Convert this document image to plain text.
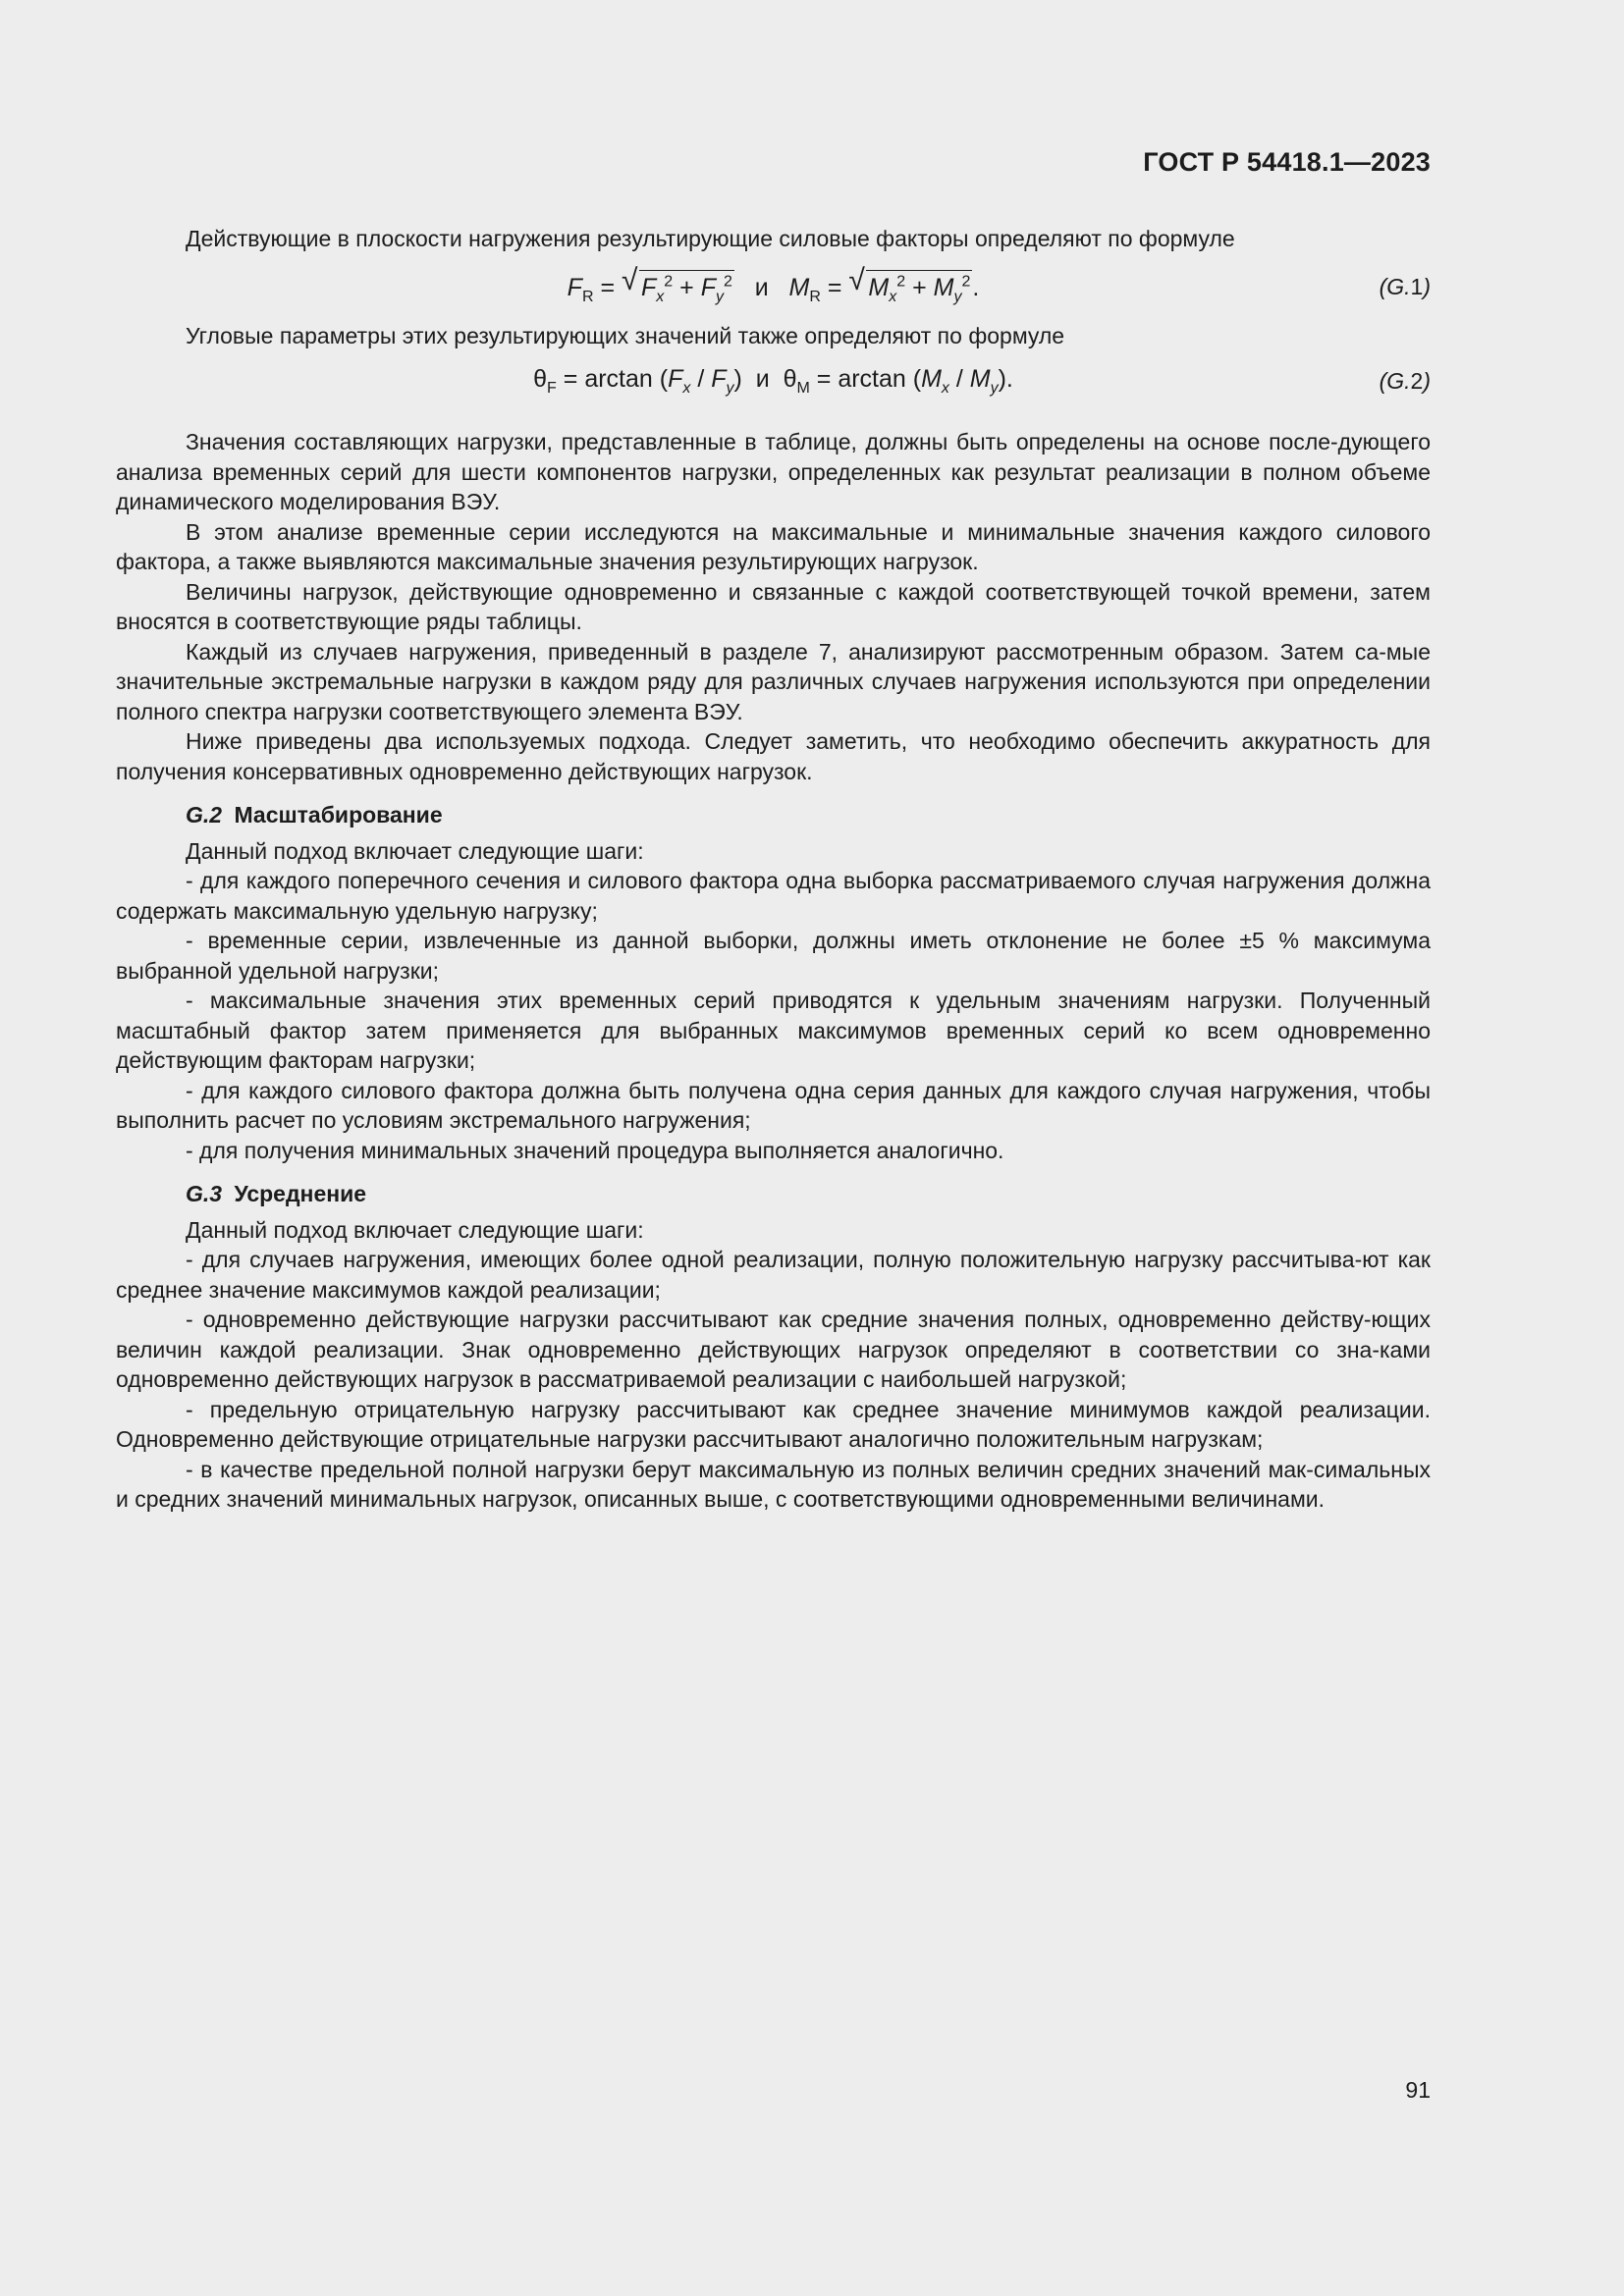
ГОСТ Р 54418.1—2023

Действующие в плоскости нагружения результирующие силовые факторы определяют по формуле

$F_R$ = √ $F_x^2 + F_y^2$ и $M_R$ = √ $M_x^2 + M_y^2$.	(G.1)

Угловые параметры этих результирующих значений также определяют по формуле

$\theta_F = \arctan (F_x / F_y)$  и  $\theta_M = \arctan (M_x / M_y)$.	(G.2)

Значения составляющих нагрузки, представленные в таблице, должны быть определены на основе после-дующего анализа временных серий для шести компонентов нагрузки, определенных как результат реализации в полном объеме динамического моделирования ВЭУ.

В этом анализе временные серии исследуются на максимальные и минимальные значения каждого силового фактора, а также выявляются максимальные значения результирующих нагрузок.

Величины нагрузок, действующие одновременно и связанные с каждой соответствующей точкой времени, затем вносятся в соответствующие ряды таблицы.

Каждый из случаев нагружения, приведенный в разделе 7, анализируют рассмотренным образом. Затем са-мые значительные экстремальные нагрузки в каждом ряду для различных случаев нагружения используются при определении полного спектра нагрузки соответствующего элемента ВЭУ.

Ниже приведены два используемых подхода. Следует заметить, что необходимо обеспечить аккуратность для получения консервативных одновременно действующих нагрузок.

G.2 Масштабирование

Данный подход включает следующие шаги:

- для каждого поперечного сечения и силового фактора одна выборка рассматриваемого случая нагружения должна содержать максимальную удельную нагрузку;

- временные серии, извлеченные из данной выборки, должны иметь отклонение не более ±5 % максимума выбранной удельной нагрузки;

- максимальные значения этих временных серий приводятся к удельным значениям нагрузки. Полученный масштабный фактор затем применяется для выбранных максимумов временных серий ко всем одновременно действующим факторам нагрузки;

- для каждого силового фактора должна быть получена одна серия данных для каждого случая нагружения, чтобы выполнить расчет по условиям экстремального нагружения;

- для получения минимальных значений процедура выполняется аналогично.

G.3 Усреднение

Данный подход включает следующие шаги:

- для случаев нагружения, имеющих более одной реализации, полную положительную нагрузку рассчитыва-ют как среднее значение максимумов каждой реализации;

- одновременно действующие нагрузки рассчитывают как средние значения полных, одновременно действу-ющих величин каждой реализации. Знак одновременно действующих нагрузок определяют в соответствии со зна-ками одновременно действующих нагрузок в рассматриваемой реализации с наибольшей нагрузкой;

- предельную отрицательную нагрузку рассчитывают как среднее значение минимумов каждой реализации. Одновременно действующие отрицательные нагрузки рассчитывают аналогично положительным нагрузкам;

- в качестве предельной полной нагрузки берут максимальную из полных величин средних значений мак-симальных и средних значений минимальных нагрузок, описанных выше, с соответствующими одновременными величинами.

91
